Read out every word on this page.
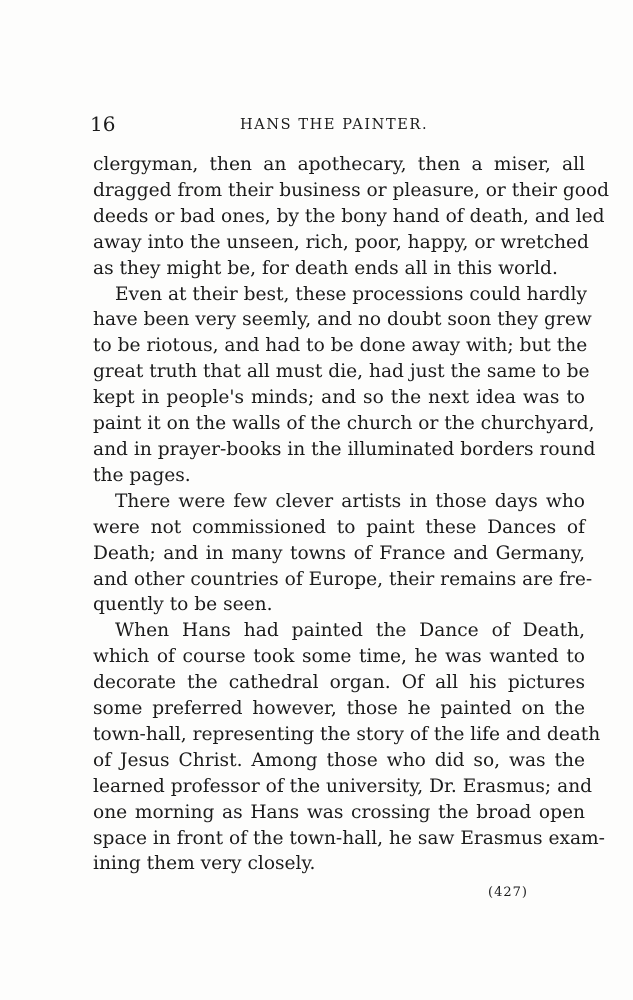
16	HANS THE PAINTER.
clergyman, then an apothecary, then a miser, all
dragged from their business or pleasure, or their good
deeds or bad ones, by the bony hand of death, and led
away into the unseen, rich, poor, happy, or wretched
as they might be, for death ends all in this world.
Even at their best, these processions could hardly
have been very seemly, and no doubt soon they grew
to be riotous, and had to be done away with; but the
great truth that all must die, had just the same to be
kept in people's minds; and so the next idea was to
paint it on the walls of the church or the churchyard,
and in prayer-books in the illuminated borders round
the pages.
There were few clever artists in those days who
were not commissioned to paint these Dances of
Death; and in many towns of France and Germany,
and other countries of Europe, their remains are fre-
quently to be seen.
When Hans had painted the Dance of Death,
which of course took some time, he was wanted to
decorate the cathedral organ. Of all his pictures
some preferred however, those he painted on the
town-hall, representing the story of the life and death
of Jesus Christ. Among those who did so, was the
learned professor of the university, Dr. Erasmus; and
one morning as Hans was crossing the broad open
space in front of the town-hall, he saw Erasmus exam-
ining them very closely.
(427)
